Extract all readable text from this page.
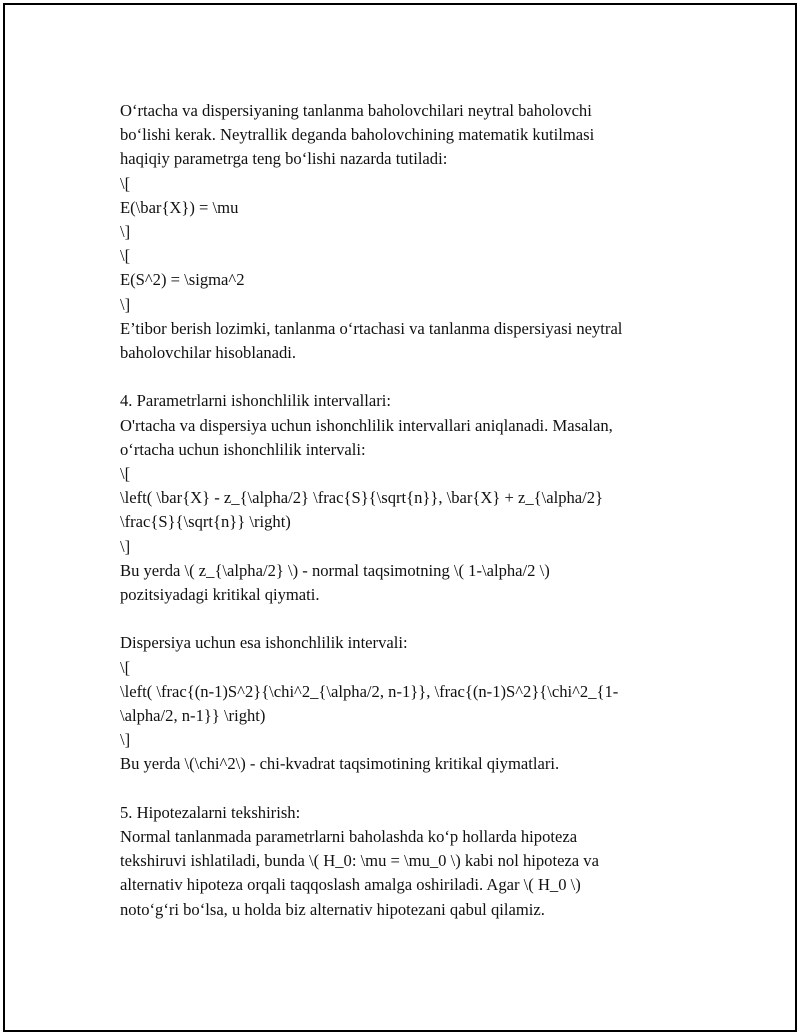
O‘rtacha va dispersiyaning tanlanma baholovchilari neytral baholovchi
bo‘lishi kerak. Neytrallik deganda baholovchining matematik kutilmasi
haqiqiy parametrga teng bo‘lishi nazarda tutiladi:
\[
E(\bar{X}) = \mu
\]
\[
E(S^2) = \sigma^2
\]
E’tibor berish lozimki, tanlanma o‘rtachasi va tanlanma dispersiyasi neytral
baholovchilar hisoblanadi.
4. Parametrlarni ishonchlilik intervallari:
O'rtacha va dispersiya uchun ishonchlilik intervallari aniqlanadi. Masalan,
o‘rtacha uchun ishonchlilik intervali:
\[
\left( \bar{X} - z_{\alpha/2} \frac{S}{\sqrt{n}}, \bar{X} + z_{\alpha/2}
\frac{S}{\sqrt{n}} \right)
\]
Bu yerda \( z_{\alpha/2} \) - normal taqsimotning \( 1-\alpha/2 \)
pozitsiyadagi kritikal qiymati.
Dispersiya uchun esa ishonchlilik intervali:
\[
\left( \frac{(n-1)S^2}{\chi^2_{\alpha/2, n-1}}, \frac{(n-1)S^2}{\chi^2_{1-
\alpha/2, n-1}} \right)
\]
Bu yerda \(\chi^2\) - chi-kvadrat taqsimotining kritikal qiymatlari.
5. Hipotezalarni tekshirish:
Normal tanlanmada parametrlarni baholashda ko‘p hollarda hipoteza
tekshiruvi ishlatiladi, bunda \( H_0: \mu = \mu_0 \) kabi nol hipoteza va
alternativ hipoteza orqali taqqoslash amalga oshiriladi. Agar \( H_0 \)
noto‘g‘ri bo‘lsa, u holda biz alternativ hipotezani qabul qilamiz.
